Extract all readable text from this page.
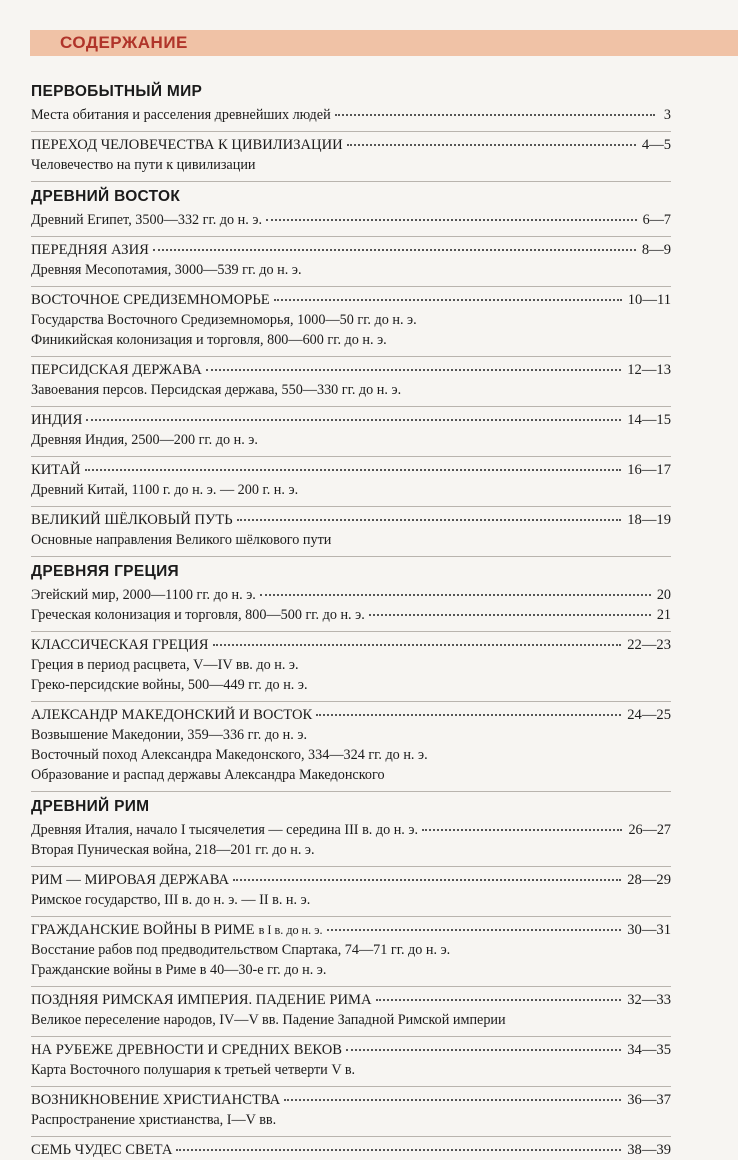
СОДЕРЖАНИЕ
ПЕРВОБЫТНЫЙ МИР
Места обитания и расселения древнейших людей	3
ПЕРЕХОД ЧЕЛОВЕЧЕСТВА К ЦИВИЛИЗАЦИИ	4—5
Человечество на пути к цивилизации
ДРЕВНИЙ ВОСТОК
Древний Египет, 3500—332 гг. до н. э.	6—7
ПЕРЕДНЯЯ АЗИЯ	8—9
Древняя Месопотамия, 3000—539 гг. до н. э.
ВОСТОЧНОЕ СРЕДИЗЕМНОМОРЬЕ	10—11
Государства Восточного Средиземноморья, 1000—50 гг. до н. э.
Финикийская колонизация и торговля, 800—600 гг. до н. э.
ПЕРСИДСКАЯ ДЕРЖАВА	12—13
Завоевания персов. Персидская держава, 550—330 гг. до н. э.
ИНДИЯ	14—15
Древняя Индия, 2500—200 гг. до н. э.
КИТАЙ	16—17
Древний Китай, 1100 г. до н. э. — 200 г. н. э.
ВЕЛИКИЙ ШЁЛКОВЫЙ ПУТЬ	18—19
Основные направления Великого шёлкового пути
ДРЕВНЯЯ ГРЕЦИЯ
Эгейский мир, 2000—1100 гг. до н. э.	20
Греческая колонизация и торговля, 800—500 гг. до н. э.	21
КЛАССИЧЕСКАЯ ГРЕЦИЯ	22—23
Греция в период расцвета, V—IV вв. до н. э.
Греко-персидские войны, 500—449 гг. до н. э.
АЛЕКСАНДР МАКЕДОНСКИЙ И ВОСТОК	24—25
Возвышение Македонии, 359—336 гг. до н. э.
Восточный поход Александра Македонского, 334—324 гг. до н. э.
Образование и распад державы Александра Македонского
ДРЕВНИЙ РИМ
Древняя Италия, начало I тысячелетия — середина III в. до н. э.	26—27
Вторая Пуническая война, 218—201 гг. до н. э.
РИМ — МИРОВАЯ ДЕРЖАВА	28—29
Римское государство, III в. до н. э. — II в. н. э.
ГРАЖДАНСКИЕ ВОЙНЫ В РИМЕ в I в. до н. э.	30—31
Восстание рабов под предводительством Спартака, 74—71 гг. до н. э.
Гражданские войны в Риме в 40—30-е гг. до н. э.
ПОЗДНЯЯ РИМСКАЯ ИМПЕРИЯ. ПАДЕНИЕ РИМА	32—33
Великое переселение народов, IV—V вв. Падение Западной Римской империи
НА РУБЕЖЕ ДРЕВНОСТИ И СРЕДНИХ ВЕКОВ	34—35
Карта Восточного полушария к третьей четверти V в.
ВОЗНИКНОВЕНИЕ ХРИСТИАНСТВА	36—37
Распространение христианства, I—V вв.
СЕМЬ ЧУДЕС СВЕТА	38—39
